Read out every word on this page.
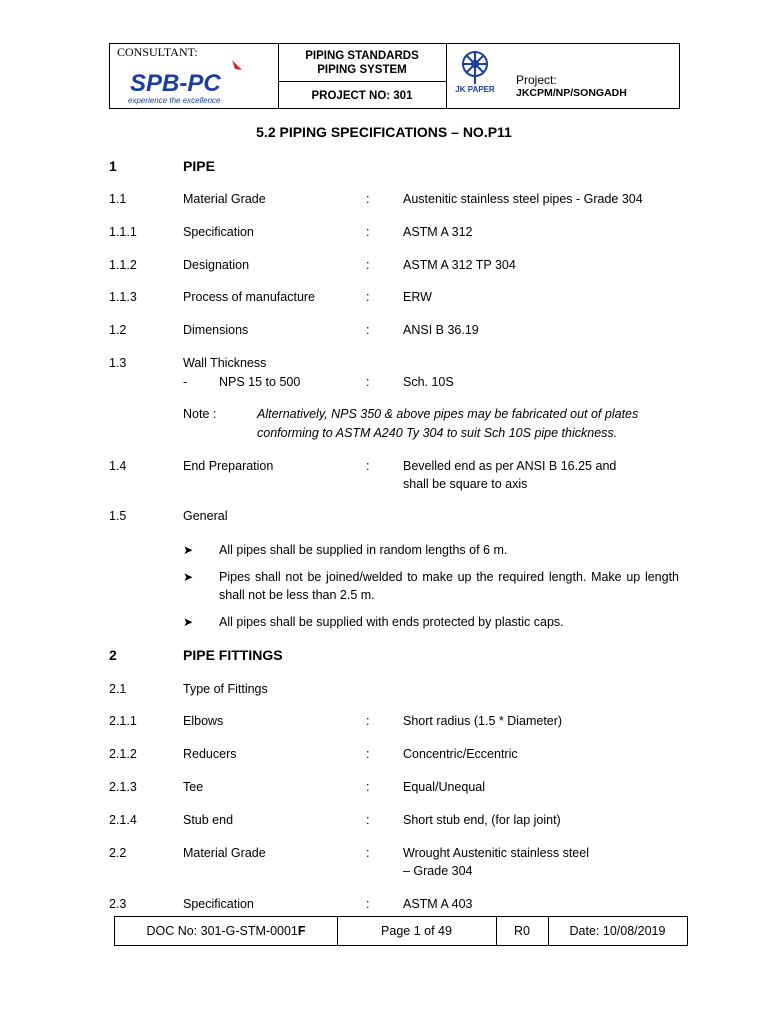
CONSULTANT:
SPB-PC
experience the excellence
PIPING STANDARDS
PIPING SYSTEM
PROJECT NO: 301
JK PAPER
Project:
JKCPM/NP/SONGADH
5.2 PIPING SPECIFICATIONS – NO.P11
1	PIPE
1.1	Material Grade	:	Austenitic stainless steel pipes - Grade 304
1.1.1	Specification	:	ASTM A 312
1.1.2	Designation	:	ASTM A 312 TP 304
1.1.3	Process of manufacture	:	ERW
1.2	Dimensions	:	ANSI B 36.19
1.3	Wall Thickness
-	NPS 15 to 500	:	Sch. 10S
Note :	Alternatively, NPS 350 & above pipes may be fabricated out of plates
conforming to ASTM A240 Ty 304 to suit Sch 10S pipe thickness.
1.4	End Preparation	:	Bevelled end as per ANSI B 16.25 and
shall be square to axis
1.5	General
➤ All pipes shall be supplied in random lengths of 6 m.
➤ Pipes shall not be joined/welded to make up the required length. Make up length shall not be less than 2.5 m.
➤ All pipes shall be supplied with ends protected by plastic caps.
2	PIPE FITTINGS
2.1	Type of Fittings
2.1.1	Elbows	:	Short radius (1.5 * Diameter)
2.1.2	Reducers	:	Concentric/Eccentric
2.1.3	Tee	:	Equal/Unequal
2.1.4	Stub end	:	Short stub end, (for lap joint)
2.2	Material Grade	:	Wrought Austenitic stainless steel
– Grade 304
2.3	Specification	:	ASTM A 403
DOC No: 301-G-STM-0001F	Page 1 of 49	R0	Date: 10/08/2019
